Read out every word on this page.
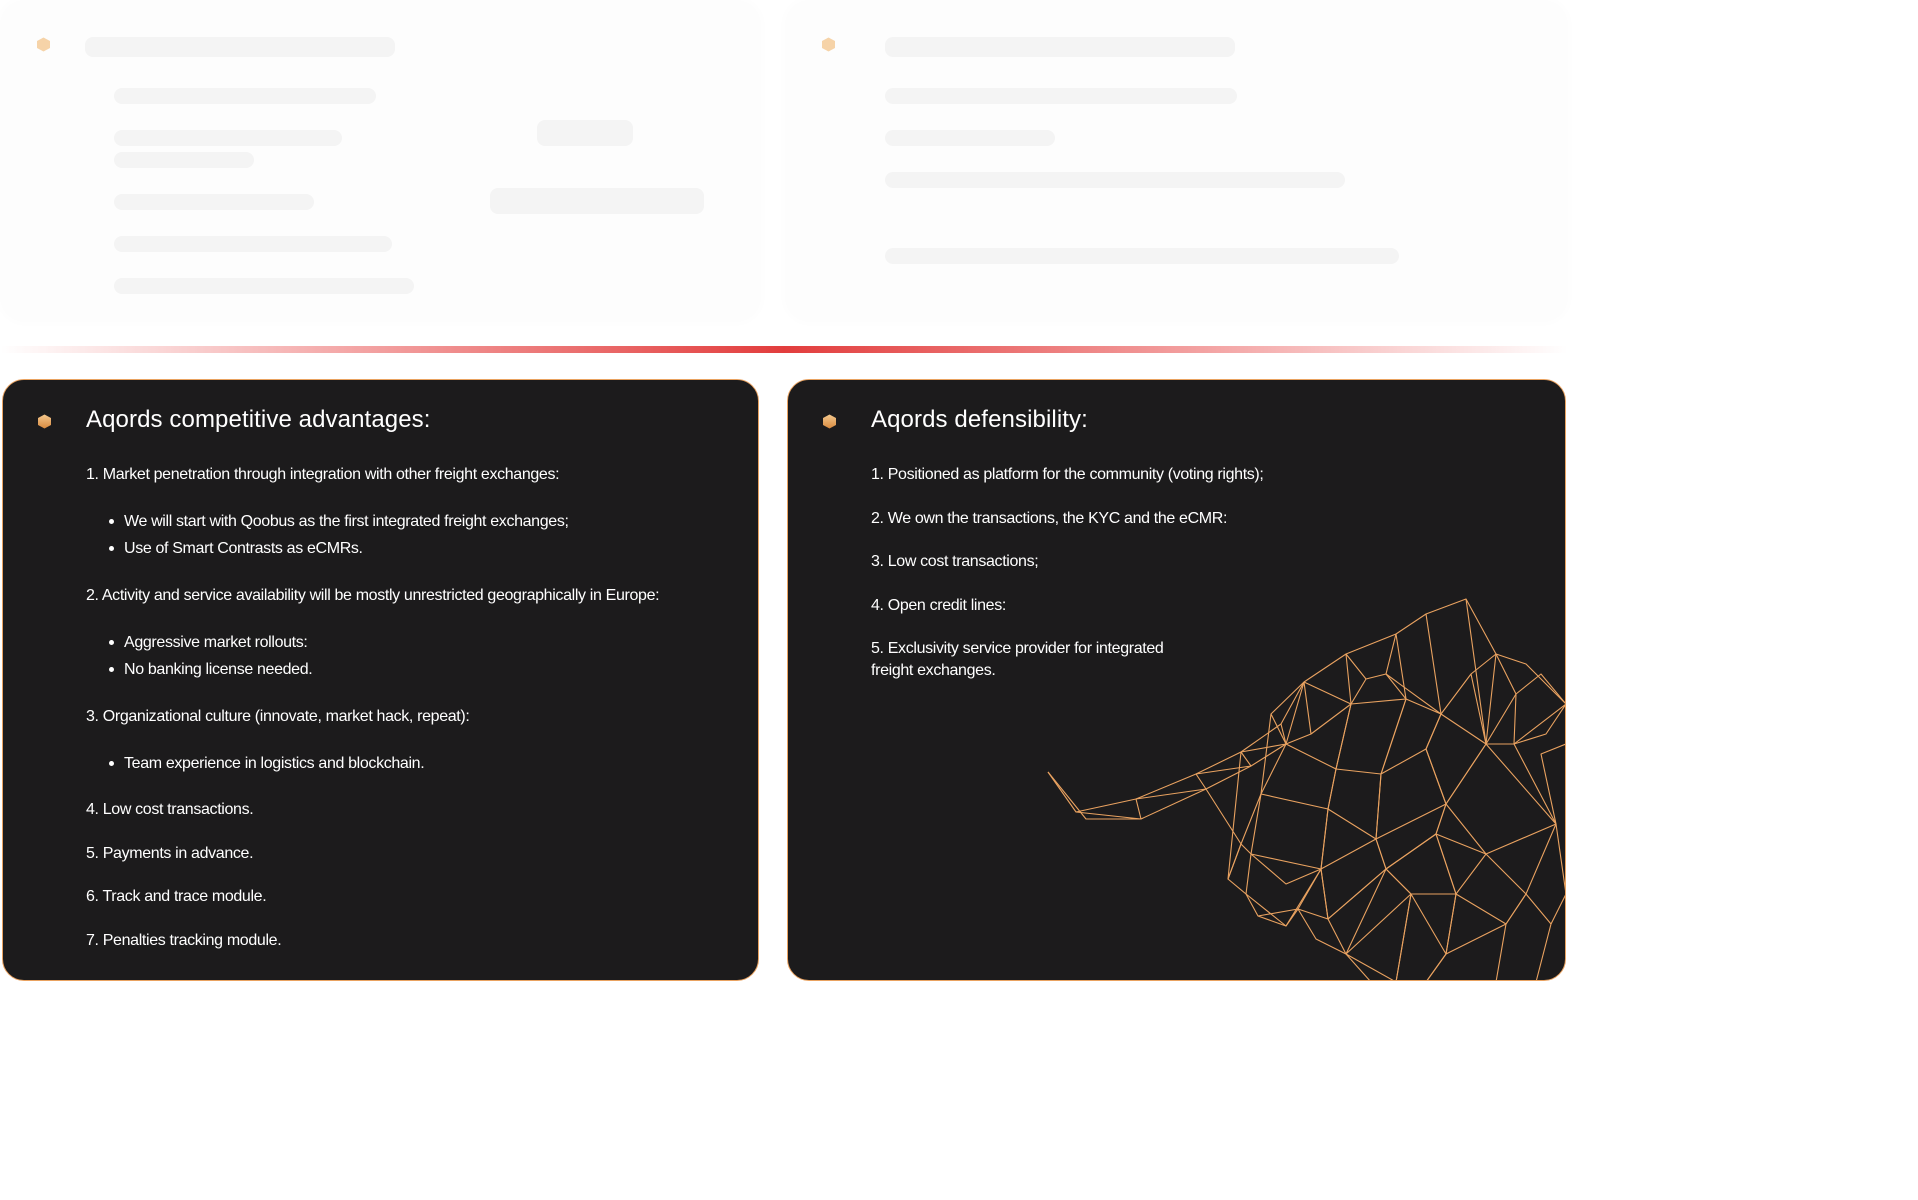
Aqords competitive advantages:
1. Market penetration through integration with other freight exchanges:
We will start with Qoobus as the first integrated freight exchanges;
Use of Smart Contrasts as eCMRs.
2. Activity and service availability will be mostly unrestricted geographically in Europe:
Aggressive market rollouts:
No banking license needed.
3. Organizational culture (innovate, market hack, repeat):
Team experience in logistics and blockchain.
4. Low cost transactions.
5. Payments in advance.
6. Track and trace module.
7. Penalties tracking module.
Aqords defensibility:
1. Positioned as platform for the community (voting rights);
2. We own the transactions, the KYC and the eCMR:
3. Low cost transactions;
4. Open credit lines:
5. Exclusivity service provider for integrated
freight exchanges.
